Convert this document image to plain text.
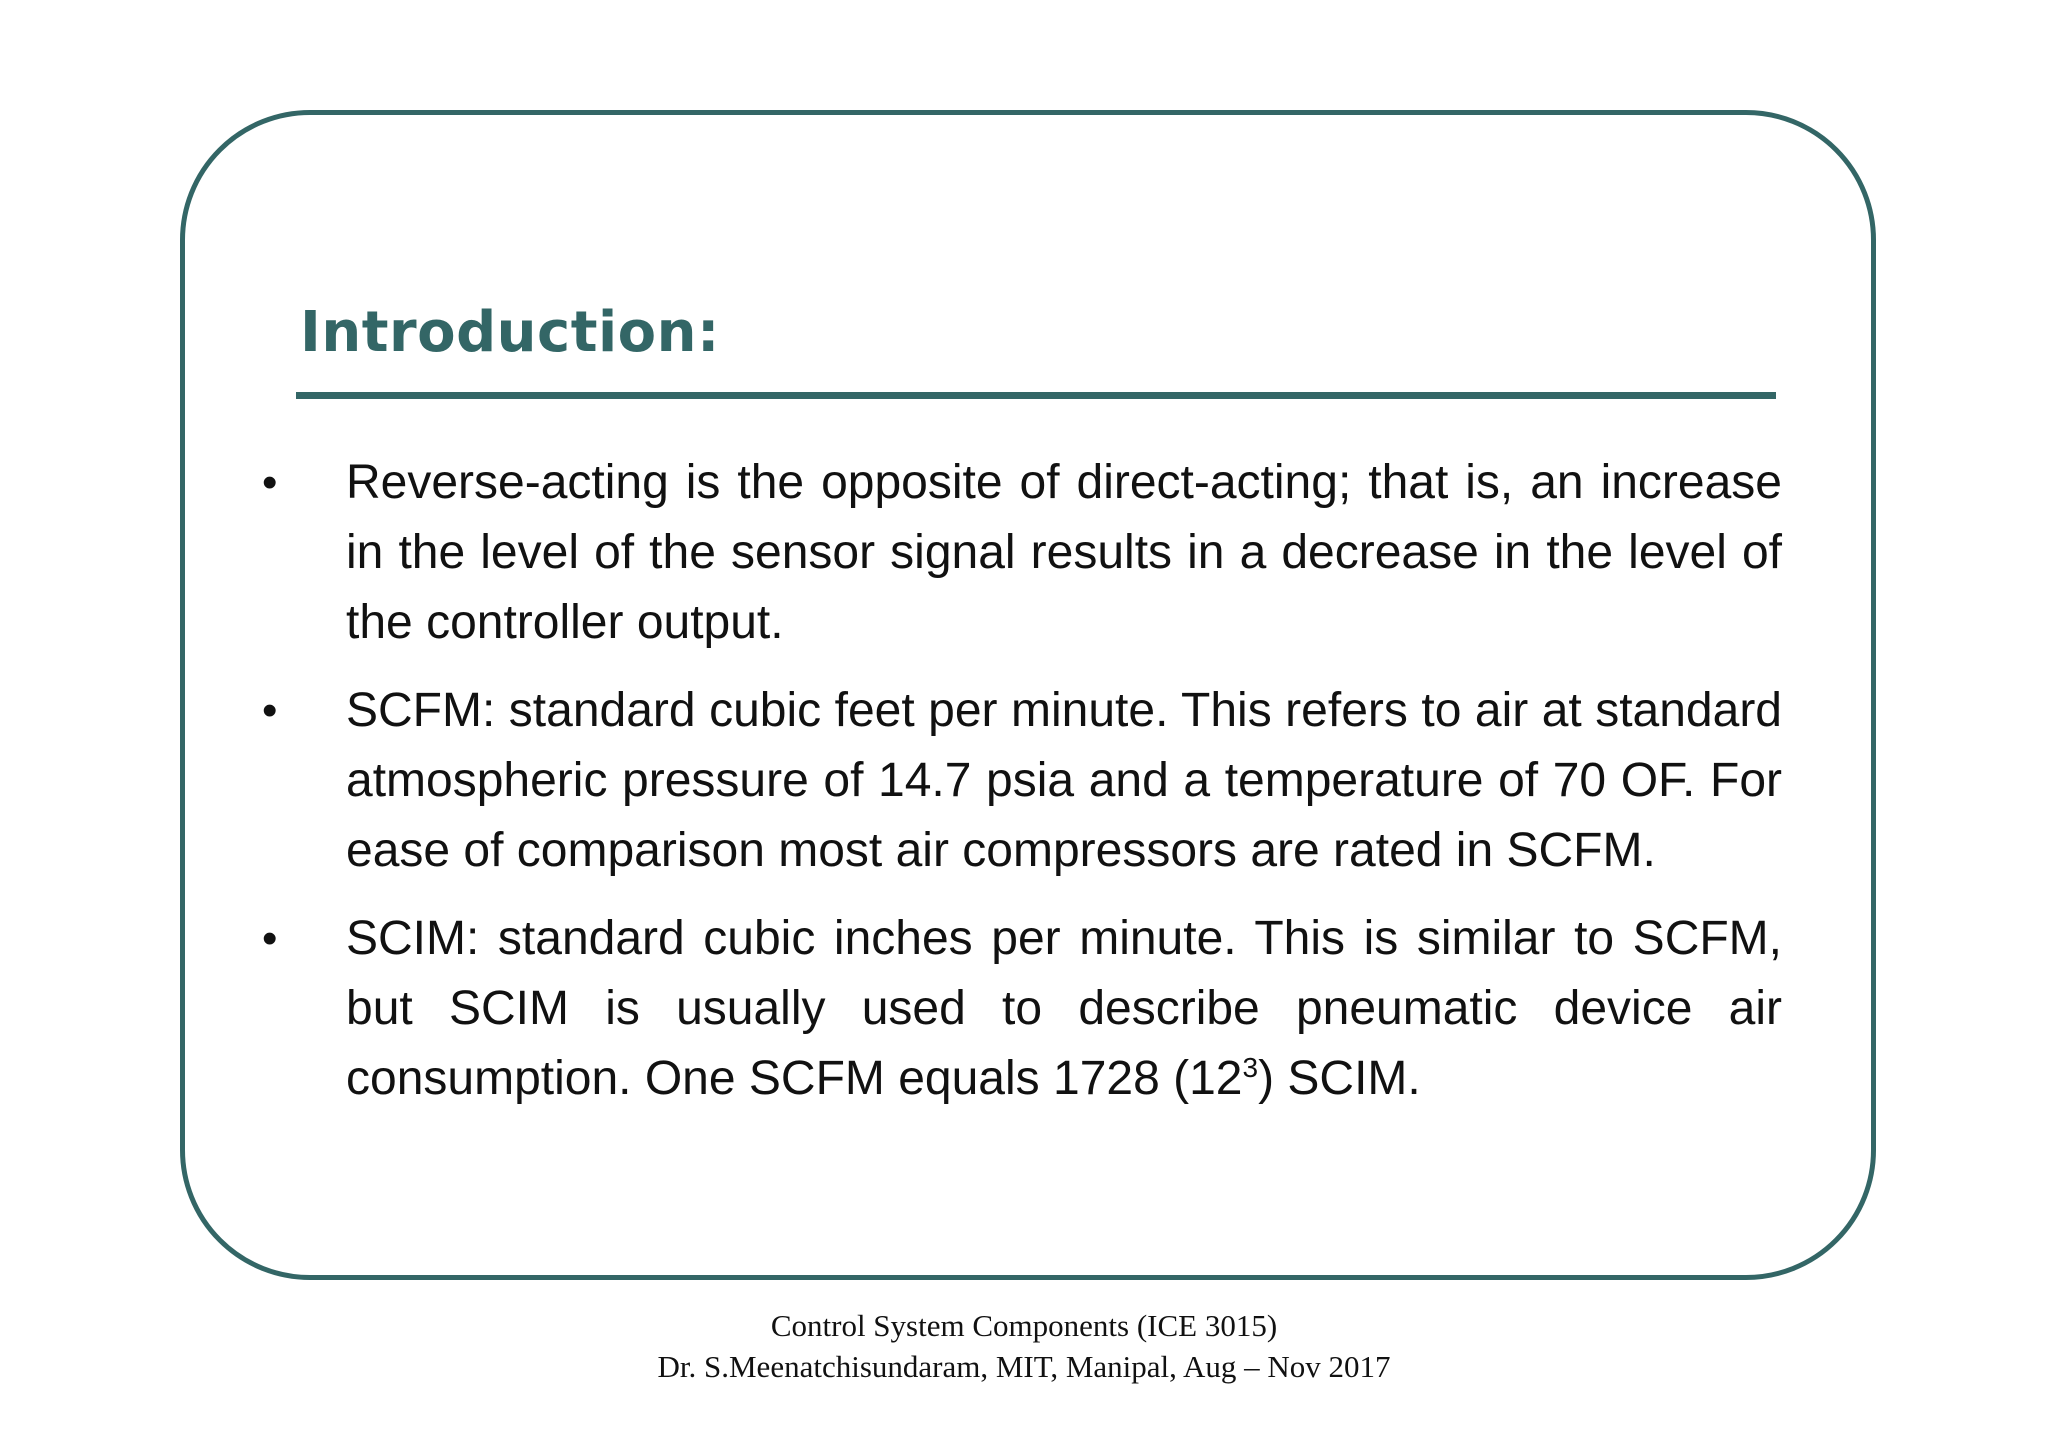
Introduction:
•	Reverse-acting is the opposite of direct-acting; that is, an increase in the level of the sensor signal results in a decrease in the level of the controller output.
•	SCFM: standard cubic feet per minute. This refers to air at standard atmospheric pressure of 14.7 psia and a temperature of 70 OF. For ease of comparison most air compressors are rated in SCFM.
•	SCIM: standard cubic inches per minute. This is similar to SCFM, but SCIM is usually used to describe pneumatic device air consumption. One SCFM equals 1728 $(12^3)$ SCIM.
Control System Components (ICE 3015)
Dr. S.Meenatchisundaram, MIT, Manipal, Aug – Nov 2017
